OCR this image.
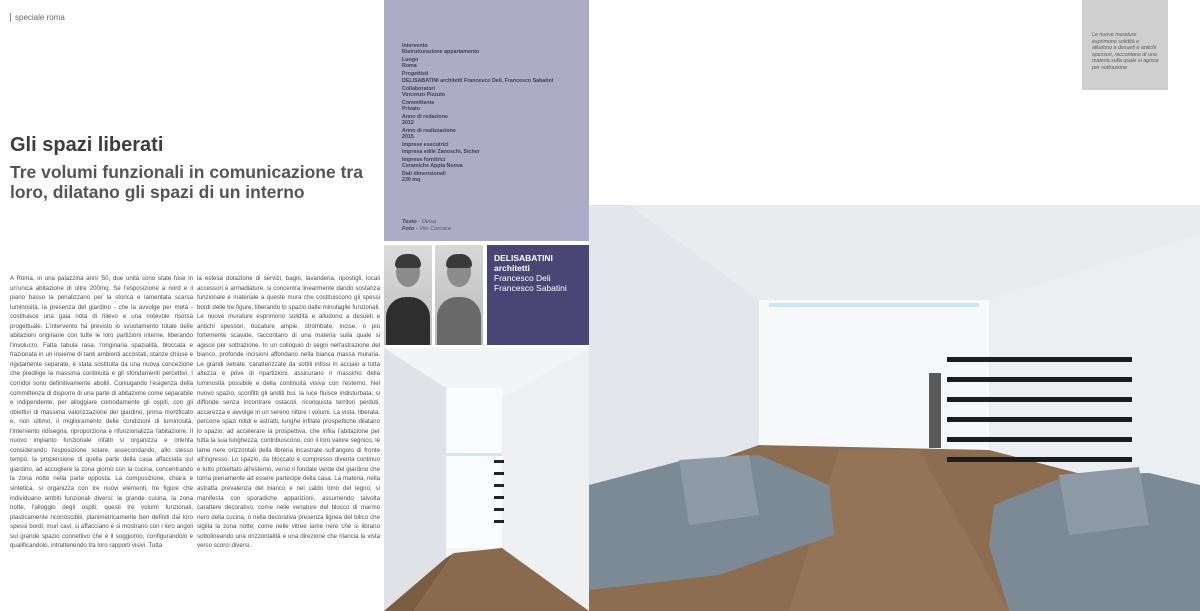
speciale roma
Gli spazi liberati
Tre volumi funzionali in comunicazione tra loro, dilatano gli spazi di un interno

A Roma, in una palazzina anni '50, due unità sono state fuse in un'unica abitazione di oltre 200mq. Se l'esposizione a nord e il piano basso la penalizzano per la storica e lamentata scarsa luminosità, la presenza del giardino - che la avvolge per metà - costituisce una gaia nota di rilievo e una notevole risorsa progettuale. L'intervento ha previsto lo svuotamento totale delle abitazioni originarie con tutte le loro partizioni interne, liberando l'involucro. Fatta tabula rasa, l'originaria spazialità, bloccata e frazionata in un insieme di tanti ambienti accostati, stanze chiuse e rigidamente separate, è stata sostituita da una nuova concezione che predilige la massima continuità e gli sfondamenti percettivi. I corridoi sono definitivamente aboliti. Coniugando l'esigenza della committenza di disporre di una parte di abitazione come separabile e indipendente, per alloggiare comodamente gli ospiti, con gli obiettivi di massima valorizzazione del giardino, prima mortificato e, non ultimo, il miglioramento delle condizioni di luminosità, l'intervento ridisegna, riproporziona e rifunzionalizza l'abitazione. Il nuovo impianto funzionale infatti si organizza e orienta considerando l'esposizione solare, assecondando, allo stesso tempo, la propensione di quella parte della casa affacciata sul giardino, ad accogliere la zona giorno con la cucina, concentrando la zona notte nella parte opposta. La composizione, chiara e sintetica, si organizza con tre nuovi elementi, tre figure che individuano ambiti funzionali diversi: la grande cucina, la zona notte, l'alloggio degli ospiti; questi tre volumi funzionali, plasticamente riconoscibili, planimetricamente ben definiti dai loro spessi bordi; muri cavi, si affacciano e si mostrano con i loro angoli sul grande spazio connettivo che è il soggiorno, configurandolo e qualificandolo, intrattenendo tra loro rapporti visivi. Tutta

la estesa dotazione di servizi, bagni, lavanderia, ripostigli, locali accessori e armadiature, si concentra linearmente dando sostanza funzionale e materiale a queste mura che costituiscono gli spessi bordi delle tre figure, liberando lo spazio dalle minutaglie funzionali. Le nuove murature esprimono solidità e alludono a desueti e antichi spessori, bucature ampie, strombate, incise, o più fortemente scavate, raccontano di una materia sulla quale si agisce per sottrazione. In un colloquio di segni nell'astrazione del bianco, profonde incisioni affondano nella bianca massa muraria. Le grandi vetrate, caratterizzate da sottili infissi in acciaio a tutta altezza e prive di ripartizioni, assicurano il massimo della luminosità possibile e della continuità visiva con l'esterno. Nel nuovo spazio, sconfitti gli anditi bui, la luce fluisce indisturbata, si diffonde senza incontrare ostacoli, riconquista territori perduti, accarezza e avvolge in un sereno nitore i volumi. La vista, liberata, percorre spazi nitidi e astratti, lunghe infilate prospettiche dilatano lo spazio; ad accelerare la prospettiva, che infila l'abitazione per tutta la sua lunghezza, contribuiscono, con il loro valore segnico, le lame nere orizzontali della libreria incastrate sull'angolo di fronte all'ingresso. Lo spazio, da bloccato e compresso diventa continuo e tutto proiettato all'esterno, verso il fondale verde del giardino che torna pienamente ad essere partecipe della casa. La materia, nella astratta prevalenza del bianco e nel caldo tono del legno, si manifesta con sporadiche apparizioni, assumendo talvolta carattere decorativo, come nelle venature del blocco di marmo nero della cucina, o nella decorativa presenza lignea del bilico che sigilla la zona notte; come nelle vitree lame nere che si librano sottolineando una orizzontalità e una direzione che rilancia la vista verso scorci diversi.

Intervento
Ristrutturazione appartamento
Luogo
Roma
Progettisti
DELISABATINI architetti Francesco Deli, Francesco Sabatini
Collaboratori
Vincenzo Pizzuto
Committente
Privato
Anno di redazione
2012
Anno di realizzazione
2015
Imprese esecutrici
Impresa edile Zanoschi, Sicher
Imprese fornitrici
Ceramiche Appia Nuova
Dati dimensionali
230 mq
Testo - Deisa
Foto - Vito Corcace
DELISABATINI
architetti
Francesco Deli
Francesco Sabatini
Le nuove murature esprimono solidità e alludono a desueti e antichi spessori, raccontano di una materia sulla quale si agisce per sottrazione
